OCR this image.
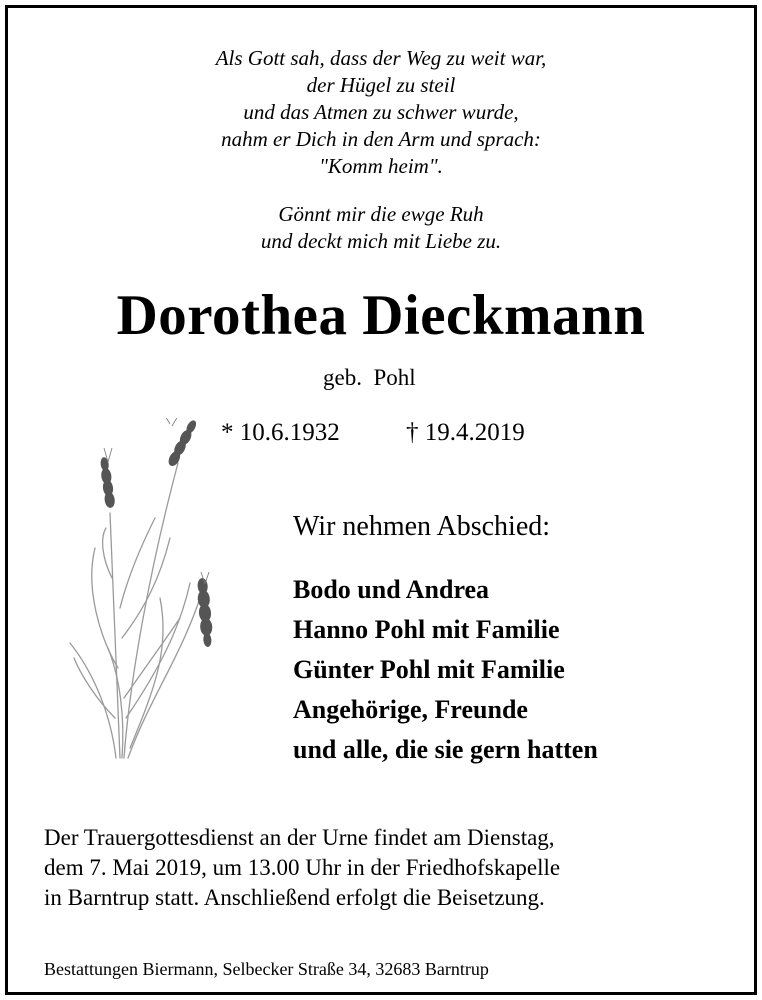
Als Gott sah, dass der Weg zu weit war,
der Hügel zu steil
und das Atmen zu schwer wurde,
nahm er Dich in den Arm und sprach:
"Komm heim".
Gönnt mir die ewge Ruh
und deckt mich mit Liebe zu.
Dorothea Dieckmann
geb.  Pohl
* 10.6.1932	† 19.4.2019
Wir nehmen Abschied:
Bodo und Andrea
Hanno Pohl mit Familie
Günter Pohl mit Familie
Angehörige, Freunde
und alle, die sie gern hatten
Der Trauergottesdienst an der Urne findet am Dienstag,
dem 7. Mai 2019, um 13.00 Uhr in der Friedhofskapelle
in Barntrup statt. Anschließend erfolgt die Beisetzung.
Bestattungen Biermann, Selbecker Straße 34, 32683 Barntrup
